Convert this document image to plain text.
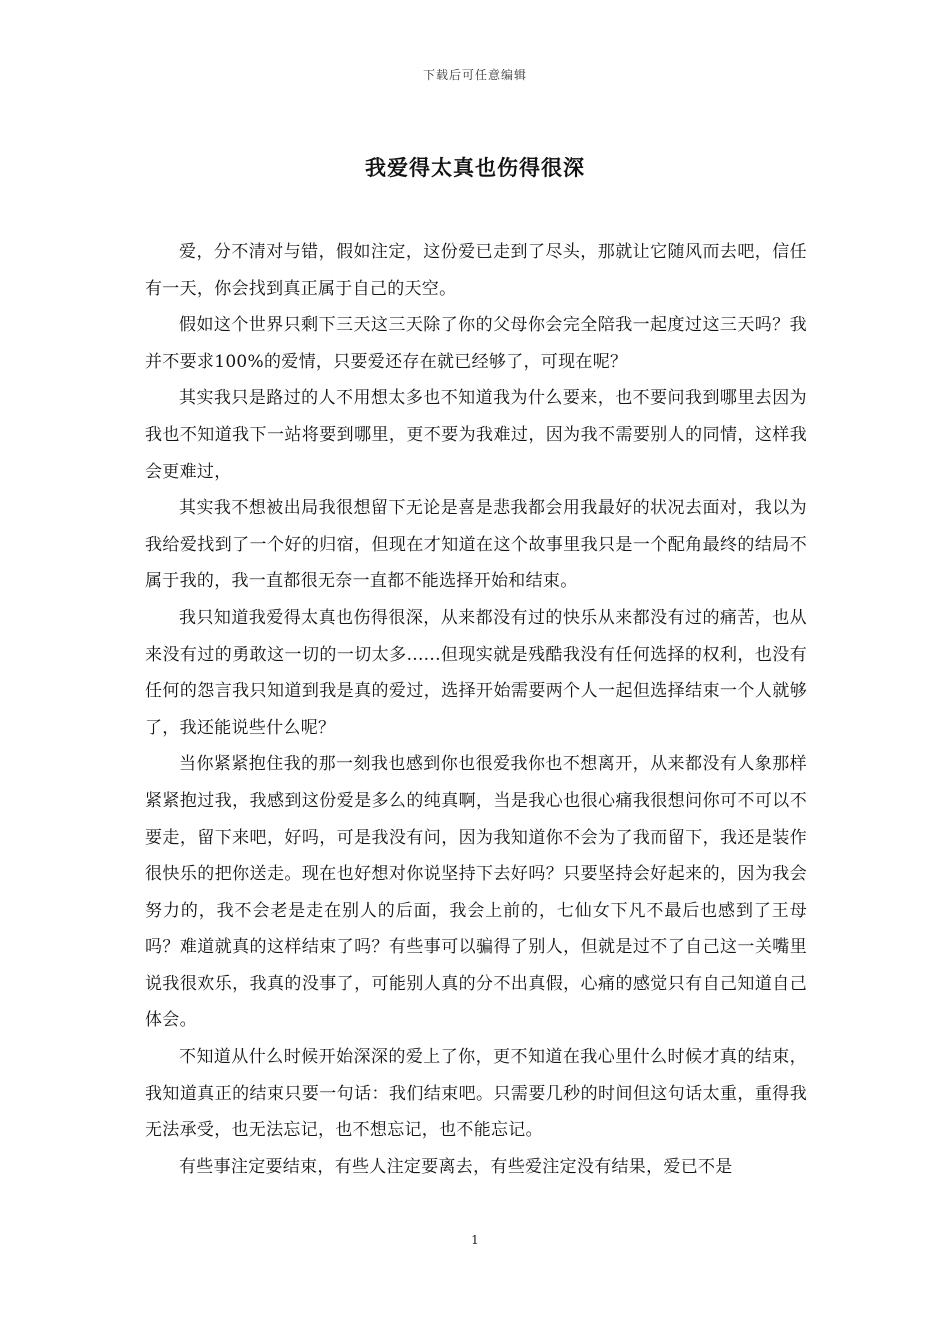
下载后可任意编辑
我爱得太真也伤得很深

爱，分不清对与错，假如注定，这份爱已走到了尽头，那就让它随风而去吧，信任有一天，你会找到真正属于自己的天空。

假如这个世界只剩下三天这三天除了你的父母你会完全陪我一起度过这三天吗？我并不要求100%的爱情，只要爱还存在就已经够了，可现在呢？

其实我只是路过的人不用想太多也不知道我为什么要来，也不要问我到哪里去因为我也不知道我下一站将要到哪里，更不要为我难过，因为我不需要别人的同情，这样我会更难过，

其实我不想被出局我很想留下无论是喜是悲我都会用我最好的状况去面对，我以为我给爱找到了一个好的归宿，但现在才知道在这个故事里我只是一个配角最终的结局不属于我的，我一直都很无奈一直都不能选择开始和结束。

我只知道我爱得太真也伤得很深，从来都没有过的快乐从来都没有过的痛苦，也从来没有过的勇敢这一切的一切太多......但现实就是残酷我没有任何选择的权利，也没有任何的怨言我只知道到我是真的爱过，选择开始需要两个人一起但选择结束一个人就够了，我还能说些什么呢？

当你紧紧抱住我的那一刻我也感到你也很爱我你也不想离开，从来都没有人象那样紧紧抱过我，我感到这份爱是多么的纯真啊，当是我心也很心痛我很想问你可不可以不要走，留下来吧，好吗，可是我没有问，因为我知道你不会为了我而留下，我还是装作很快乐的把你送走。现在也好想对你说坚持下去好吗？只要坚持会好起来的，因为我会努力的，我不会老是走在别人的后面，我会上前的，七仙女下凡不最后也感到了王母吗？难道就真的这样结束了吗？有些事可以骗得了别人，但就是过不了自己这一关嘴里说我很欢乐，我真的没事了，可能别人真的分不出真假，心痛的感觉只有自己知道自己体会。

不知道从什么时候开始深深的爱上了你，更不知道在我心里什么时候才真的结束，我知道真正的结束只要一句话：我们结束吧。只需要几秒的时间但这句话太重，重得我无法承受，也无法忘记，也不想忘记，也不能忘记。

有些事注定要结束，有些人注定要离去，有些爱注定没有结果，爱已不是

1
